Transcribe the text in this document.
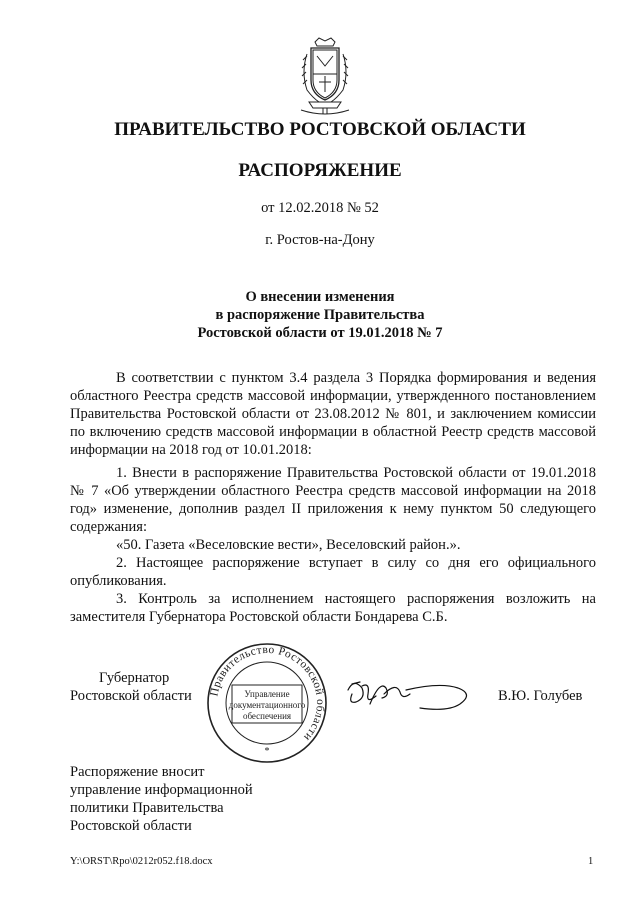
ПРАВИТЕЛЬСТВО РОСТОВСКОЙ ОБЛАСТИ
РАСПОРЯЖЕНИЕ
от 12.02.2018 № 52
г. Ростов-на-Дону
О внесении изменения
в распоряжение Правительства
Ростовской области от 19.01.2018 № 7
В соответствии с пунктом 3.4 раздела 3 Порядка формирования и ведения областного Реестра средств массовой информации, утвержденного постановлением Правительства Ростовской области от 23.08.2012 № 801, и заключением комиссии по включению средств массовой информации в областной Реестр средств массовой информации на 2018 год от 10.01.2018:
1. Внести в распоряжение Правительства Ростовской области от 19.01.2018 № 7 «Об утверждении областного Реестра средств массовой информации на 2018 год» изменение, дополнив раздел II приложения к нему пунктом 50 следующего содержания:
«50. Газета «Веселовские вести», Веселовский район.».
2. Настоящее распоряжение вступает в силу со дня его официального опубликования.
3. Контроль за исполнением настоящего распоряжения возложить на заместителя Губернатора Ростовской области Бондарева С.Б.
Губернатор
Ростовской области Правительство Ростовской области
Управление
документационного
обеспечения
*
В.Ю. Голубев
Распоряжение вносит
управление информационной
политики Правительства
Ростовской области
Y:\ORST\Rpo\0212r052.f18.docx	1
